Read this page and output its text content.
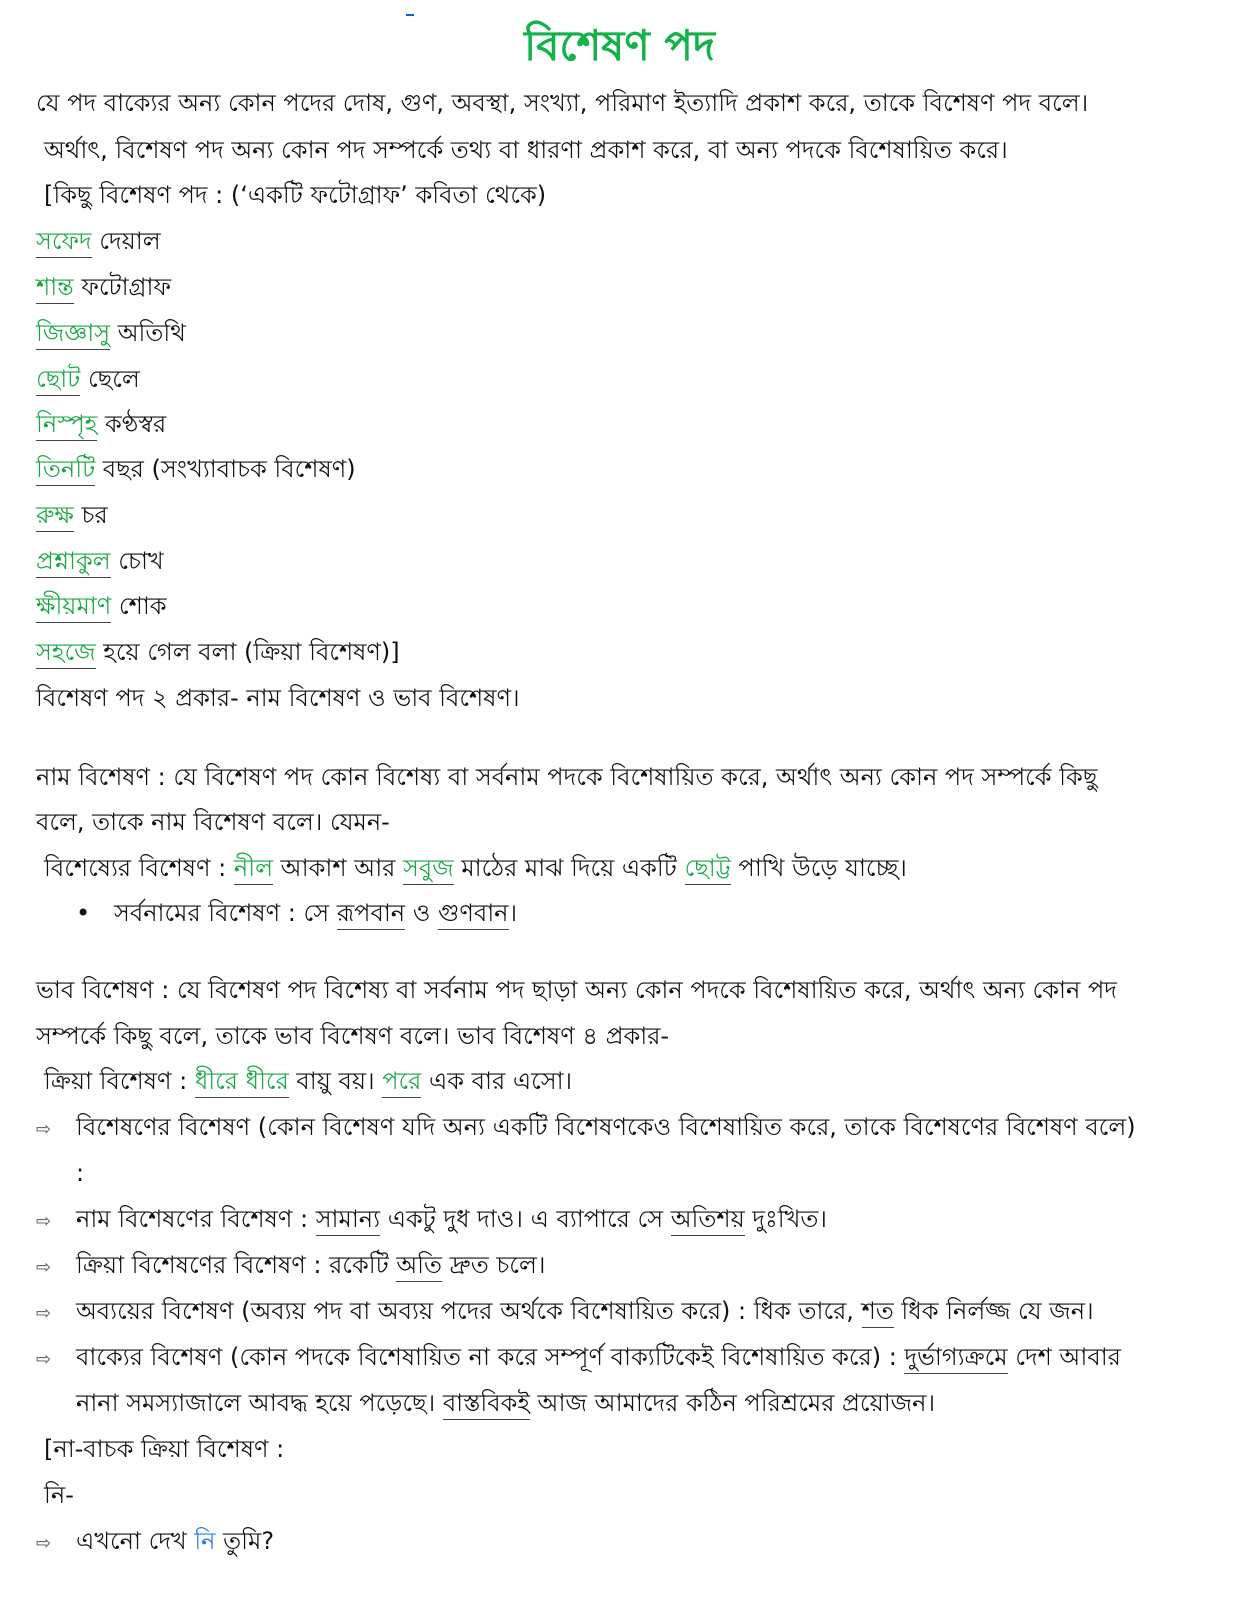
বিশেষণ পদ
যে পদ বাক্যের অন্য কোন পদের দোষ, গুণ, অবস্থা, সংখ্যা, পরিমাণ ইত্যাদি প্রকাশ করে, তাকে বিশেষণ পদ বলে।
অর্থাৎ, বিশেষণ পদ অন্য কোন পদ সম্পর্কে তথ্য বা ধারণা প্রকাশ করে, বা অন্য পদকে বিশেষায়িত করে।
[কিছু বিশেষণ পদ : (‘একটি ফটোগ্রাফ’ কবিতা থেকে)
সফেদ দেয়াল
শান্ত ফটোগ্রাফ
জিজ্ঞাসু অতিথি
ছোট ছেলে
নিস্পৃহ কণ্ঠস্বর
তিনটি বছর (সংখ্যাবাচক বিশেষণ)
রুক্ষ চর
প্রশ্নাকুল চোখ
ক্ষীয়মাণ শোক
সহজে হয়ে গেল বলা (ক্রিয়া বিশেষণ)]
বিশেষণ পদ ২ প্রকার- নাম বিশেষণ ও ভাব বিশেষণ।
নাম বিশেষণ : যে বিশেষণ পদ কোন বিশেষ্য বা সর্বনাম পদকে বিশেষায়িত করে, অর্থাৎ অন্য কোন পদ সম্পর্কে কিছু
বলে, তাকে নাম বিশেষণ বলে। যেমন-
বিশেষ্যের বিশেষণ : নীল আকাশ আর সবুজ মাঠের মাঝ দিয়ে একটি ছোট্ট পাখি উড়ে যাচ্ছে।
• সর্বনামের বিশেষণ : সে রূপবান ও গুণবান।
ভাব বিশেষণ : যে বিশেষণ পদ বিশেষ্য বা সর্বনাম পদ ছাড়া অন্য কোন পদকে বিশেষায়িত করে, অর্থাৎ অন্য কোন পদ
সম্পর্কে কিছু বলে, তাকে ভাব বিশেষণ বলে। ভাব বিশেষণ ৪ প্রকার-
ক্রিয়া বিশেষণ : ধীরে ধীরে বায়ু বয়। পরে এক বার এসো।
⇨ বিশেষণের বিশেষণ (কোন বিশেষণ যদি অন্য একটি বিশেষণকেও বিশেষায়িত করে, তাকে বিশেষণের বিশেষণ বলে)
:
⇨ নাম বিশেষণের বিশেষণ : সামান্য একটু দুধ দাও। এ ব্যাপারে সে অতিশয় দুঃখিত।
⇨ ক্রিয়া বিশেষণের বিশেষণ : রকেটি অতি দ্রুত চলে।
⇨ অব্যয়ের বিশেষণ (অব্যয় পদ বা অব্যয় পদের অর্থকে বিশেষায়িত করে) : ধিক তারে, শত ধিক নির্লজ্জ যে জন।
⇨ বাক্যের বিশেষণ (কোন পদকে বিশেষায়িত না করে সম্পূর্ণ বাক্যটিকেই বিশেষায়িত করে) : দুর্ভাগ্যক্রমে দেশ আবার
নানা সমস্যাজালে আবদ্ধ হয়ে পড়েছে। বাস্তবিকই আজ আমাদের কঠিন পরিশ্রমের প্রয়োজন।
[না-বাচক ক্রিয়া বিশেষণ :
নি-
⇨ এখনো দেখ নি তুমি?
